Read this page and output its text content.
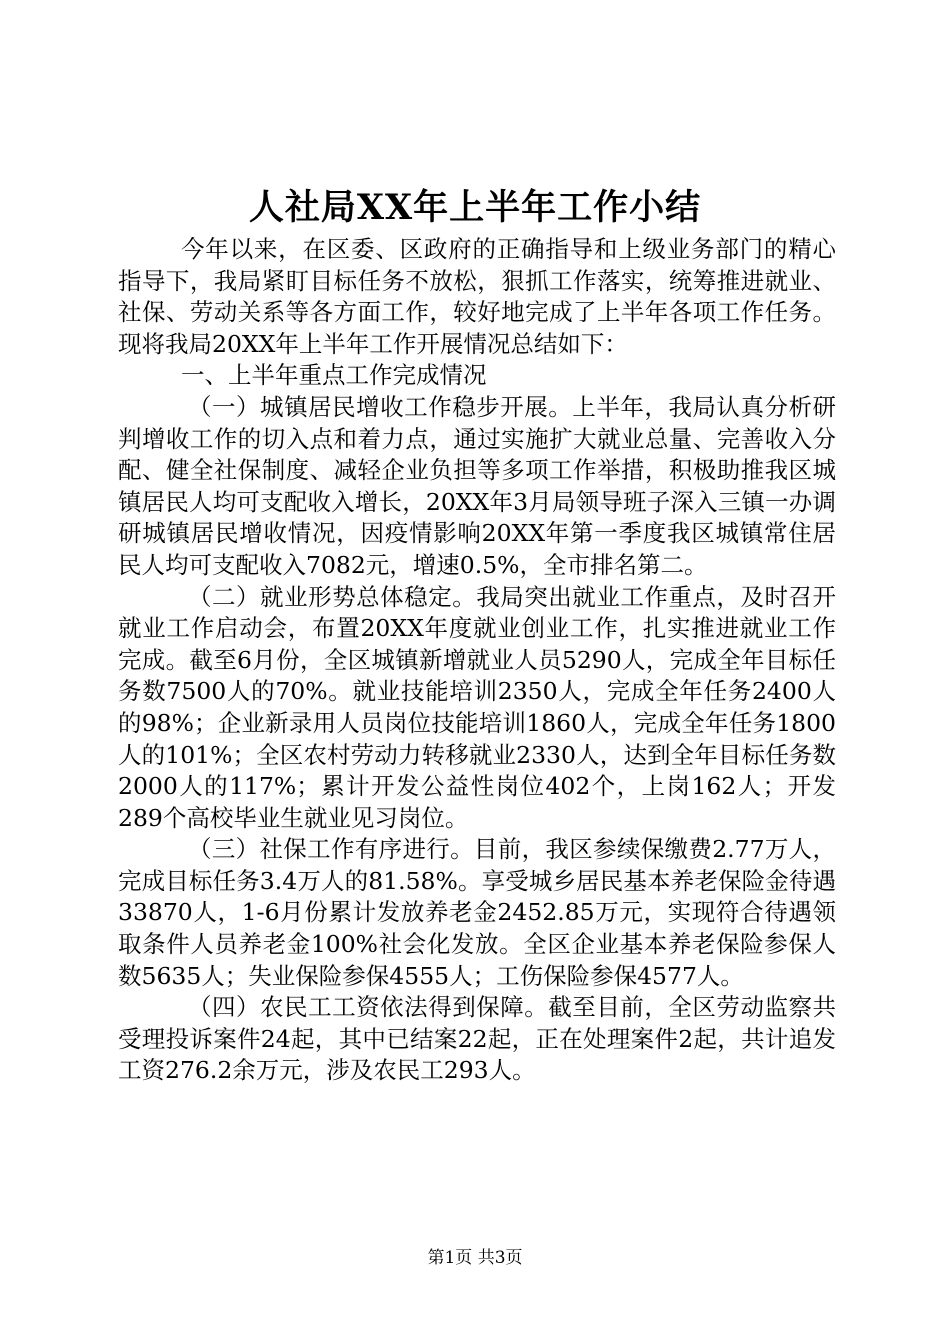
人社局XX年上半年工作小结

今年以来，在区委、区政府的正确指导和上级业务部门的精心指导下，我局紧盯目标任务不放松，狠抓工作落实，统筹推进就业、社保、劳动关系等各方面工作，较好地完成了上半年各项工作任务。现将我局20XX年上半年工作开展情况总结如下：

一、上半年重点工作完成情况

（一）城镇居民增收工作稳步开展。上半年，我局认真分析研判增收工作的切入点和着力点，通过实施扩大就业总量、完善收入分配、健全社保制度、减轻企业负担等多项工作举措，积极助推我区城镇居民人均可支配收入增长，20XX年3月局领导班子深入三镇一办调研城镇居民增收情况，因疫情影响20XX年第一季度我区城镇常住居民人均可支配收入7082元，增速0.5%，全市排名第二。

（二）就业形势总体稳定。我局突出就业工作重点，及时召开就业工作启动会，布置20XX年度就业创业工作，扎实推进就业工作完成。截至6月份，全区城镇新增就业人员5290人，完成全年目标任务数7500人的70%。就业技能培训2350人，完成全年任务2400人的98%；企业新录用人员岗位技能培训1860人，完成全年任务1800人的101%；全区农村劳动力转移就业2330人，达到全年目标任务数2000人的117%；累计开发公益性岗位402个，上岗162人；开发289个高校毕业生就业见习岗位。

（三）社保工作有序进行。目前，我区参续保缴费2.77万人，完成目标任务3.4万人的81.58%。享受城乡居民基本养老保险金待遇33870人，1-6月份累计发放养老金2452.85万元，实现符合待遇领取条件人员养老金100%社会化发放。全区企业基本养老保险参保人数5635人；失业保险参保4555人；工伤保险参保4577人。

（四）农民工工资依法得到保障。截至目前，全区劳动监察共受理投诉案件24起，其中已结案22起，正在处理案件2起，共计追发工资276.2余万元，涉及农民工293人。

第1页 共3页
